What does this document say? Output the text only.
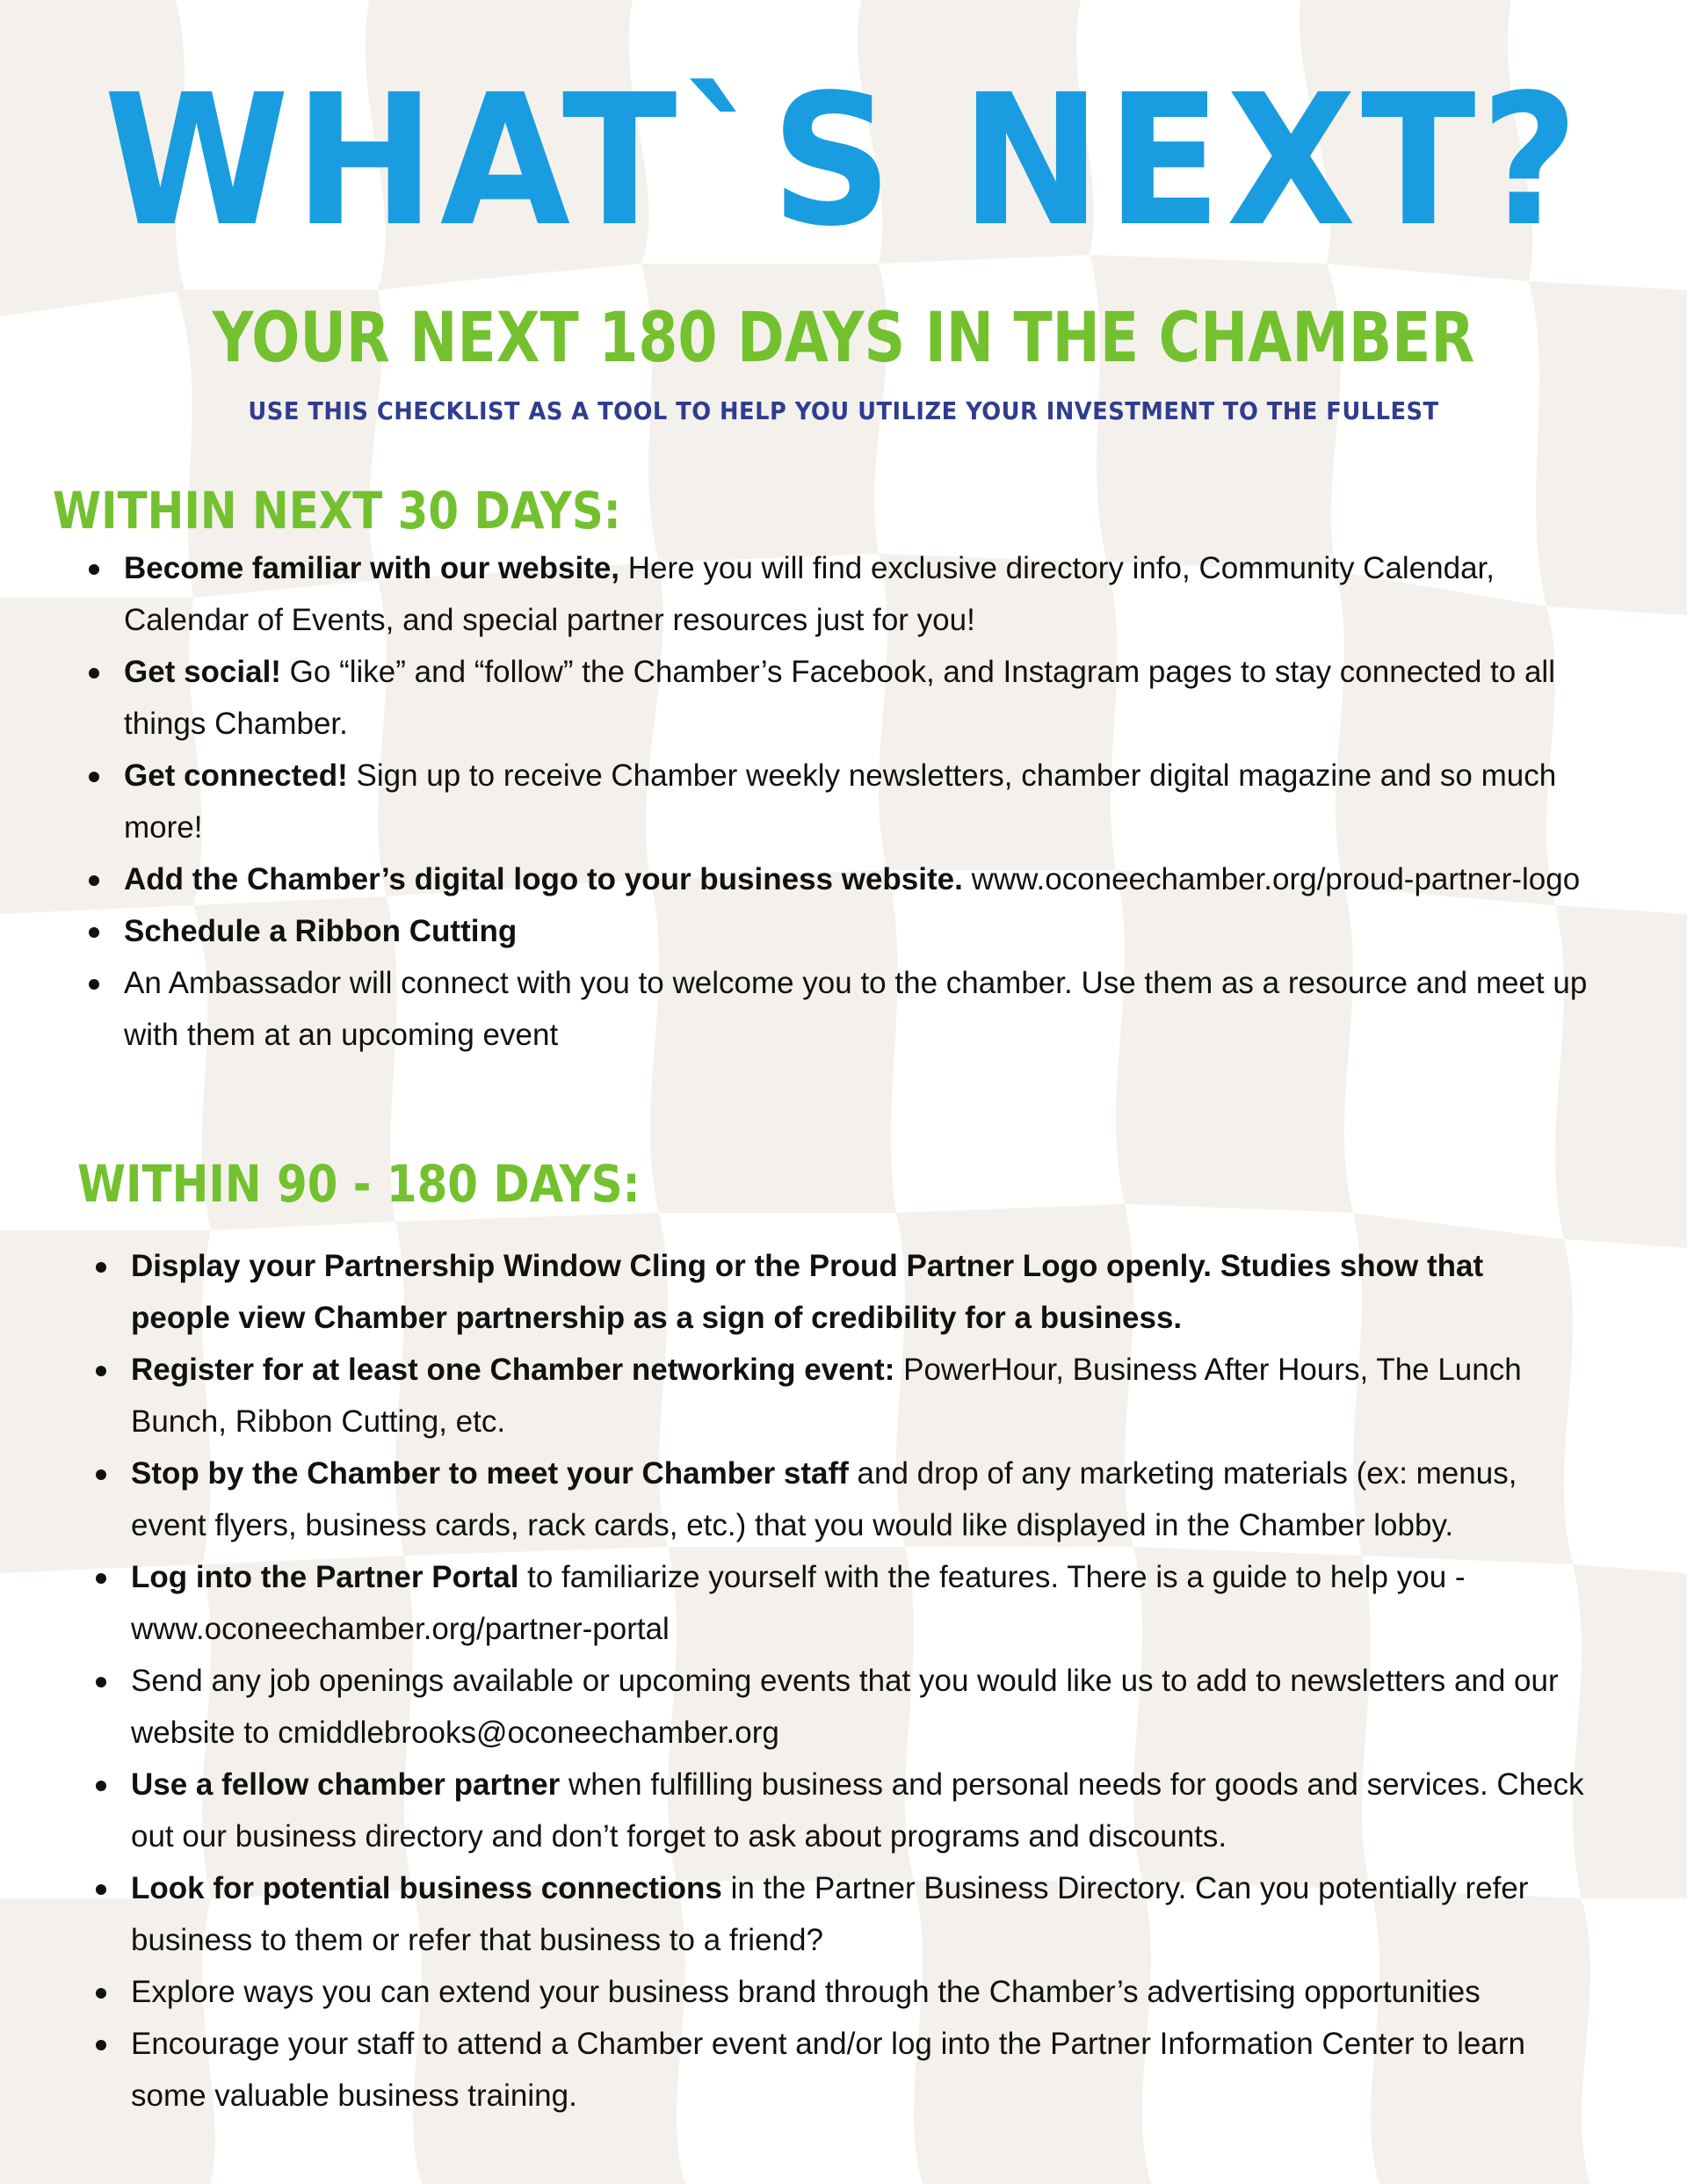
WHAT`S NEXT?
YOUR NEXT 180 DAYS IN THE CHAMBER

USE THIS CHECKLIST AS A TOOL TO HELP YOU UTILIZE YOUR INVESTMENT TO THE FULLEST

WITHIN NEXT 30 DAYS:
Become familiar with our website, Here you will find exclusive directory info, Community Calendar, Calendar of Events, and special partner resources just for you!
Get social! Go “like” and “follow” the Chamber’s Facebook, and Instagram pages to stay connected to all things Chamber.
Get connected! Sign up to receive Chamber weekly newsletters, chamber digital magazine and so much more!
Add the Chamber’s digital logo to your business website. www.oconeechamber.org/proud-partner-logo
Schedule a Ribbon Cutting
An Ambassador will connect with you to welcome you to the chamber. Use them as a resource and meet up with them at an upcoming event
WITHIN 90 - 180 DAYS:
Display your Partnership Window Cling or the Proud Partner Logo openly. Studies show that people view Chamber partnership as a sign of credibility for a business.
Register for at least one Chamber networking event: PowerHour, Business After Hours, The Lunch Bunch, Ribbon Cutting, etc.
Stop by the Chamber to meet your Chamber staff and drop of any marketing materials (ex: menus, event flyers, business cards, rack cards, etc.) that you would like displayed in the Chamber lobby.
Log into the Partner Portal to familiarize yourself with the features. There is a guide to help you - www.oconeechamber.org/partner-portal
Send any job openings available or upcoming events that you would like us to add to newsletters and our website to cmiddlebrooks@oconeechamber.org
Use a fellow chamber partner when fulfilling business and personal needs for goods and services. Check out our business directory and don’t forget to ask about programs and discounts.
Look for potential business connections in the Partner Business Directory. Can you potentially refer business to them or refer that business to a friend?
Explore ways you can extend your business brand through the Chamber’s advertising opportunities
Encourage your staff to attend a Chamber event and/or log into the Partner Information Center to learn some valuable business training.
